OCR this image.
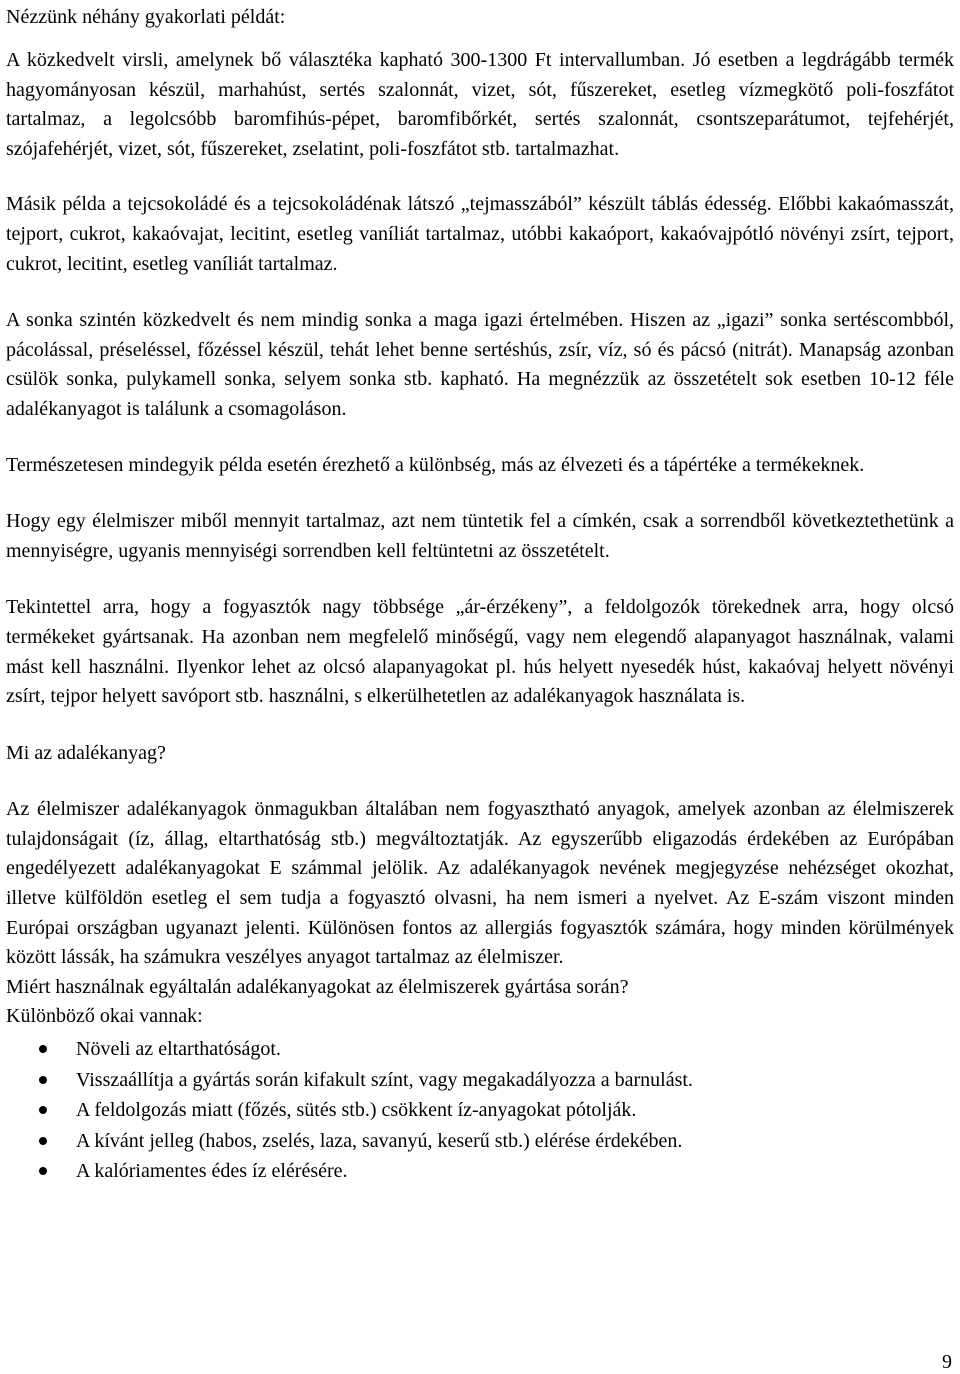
Nézzünk néhány gyakorlati példát:

A közkedvelt virsli, amelynek bő választéka kapható 300-1300 Ft intervallumban. Jó esetben a legdrágább termék hagyományosan készül, marhahúst, sertés szalonnát, vizet, sót, fűszereket, esetleg vízmegkötő poli-foszfátot tartalmaz, a legolcsóbb baromfihús-pépet, baromfibőrkét, sertés szalonnát, csontszeparátumot, tejfehérjét, szójafehérjét, vizet, sót, fűszereket, zselatint, poli-foszfátot stb. tartalmazhat.

Másik példa a tejcsokoládé és a tejcsokoládénak látszó „tejmasszából” készült táblás édesség. Előbbi kakaómasszát, tejport, cukrot, kakaóvajat, lecitint, esetleg vaníliát tartalmaz, utóbbi kakaóport, kakaóvajpótló növényi zsírt, tejport, cukrot, lecitint, esetleg vaníliát tartalmaz.

A sonka szintén közkedvelt és nem mindig sonka a maga igazi értelmében. Hiszen az „igazi” sonka sertéscombból, pácolással, préseléssel, főzéssel készül, tehát lehet benne sertéshús, zsír, víz, só és pácsó (nitrát). Manapság azonban csülök sonka, pulykamell sonka, selyem sonka stb. kapható. Ha megnézzük az összetételt sok esetben 10-12 féle adalékanyagot is találunk a csomagoláson.

Természetesen mindegyik példa esetén érezhető a különbség, más az élvezeti és a tápértéke a termékeknek.

Hogy egy élelmiszer miből mennyit tartalmaz, azt nem tüntetik fel a címkén, csak a sorrendből következtethetünk a mennyiségre, ugyanis mennyiségi sorrendben kell feltüntetni az összetételt.

Tekintettel arra, hogy a fogyasztók nagy többsége „ár-érzékeny”, a feldolgozók törekednek arra, hogy olcsó termékeket gyártsanak. Ha azonban nem megfelelő minőségű, vagy nem elegendő alapanyagot használnak, valami mást kell használni. Ilyenkor lehet az olcsó alapanyagokat pl. hús helyett nyesedék húst, kakaóvaj helyett növényi zsírt, tejpor helyett savóport stb. használni, s elkerülhetetlen az adalékanyagok használata is.

Mi az adalékanyag?

Az élelmiszer adalékanyagok önmagukban általában nem fogyasztható anyagok, amelyek azonban az élelmiszerek tulajdonságait (íz, állag, eltarthatóság stb.) megváltoztatják. Az egyszerűbb eligazodás érdekében az Európában engedélyezett adalékanyagokat E számmal jelölik. Az adalékanyagok nevének megjegyzése nehézséget okozhat, illetve külföldön esetleg el sem tudja a fogyasztó olvasni, ha nem ismeri a nyelvet. Az E-szám viszont minden Európai országban ugyanazt jelenti. Különösen fontos az allergiás fogyasztók számára, hogy minden körülmények között lássák, ha számukra veszélyes anyagot tartalmaz az élelmiszer.

Miért használnak egyáltalán adalékanyagokat az élelmiszerek gyártása során?

Különböző okai vannak:

Növeli az eltarthatóságot.
Visszaállítja a gyártás során kifakult színt, vagy megakadályozza a barnulást.
A feldolgozás miatt (főzés, sütés stb.) csökkent íz-anyagokat pótolják.
A kívánt jelleg (habos, zselés, laza, savanyú, keserű stb.) elérése érdekében.
A kalóriamentes édes íz elérésére.
9
